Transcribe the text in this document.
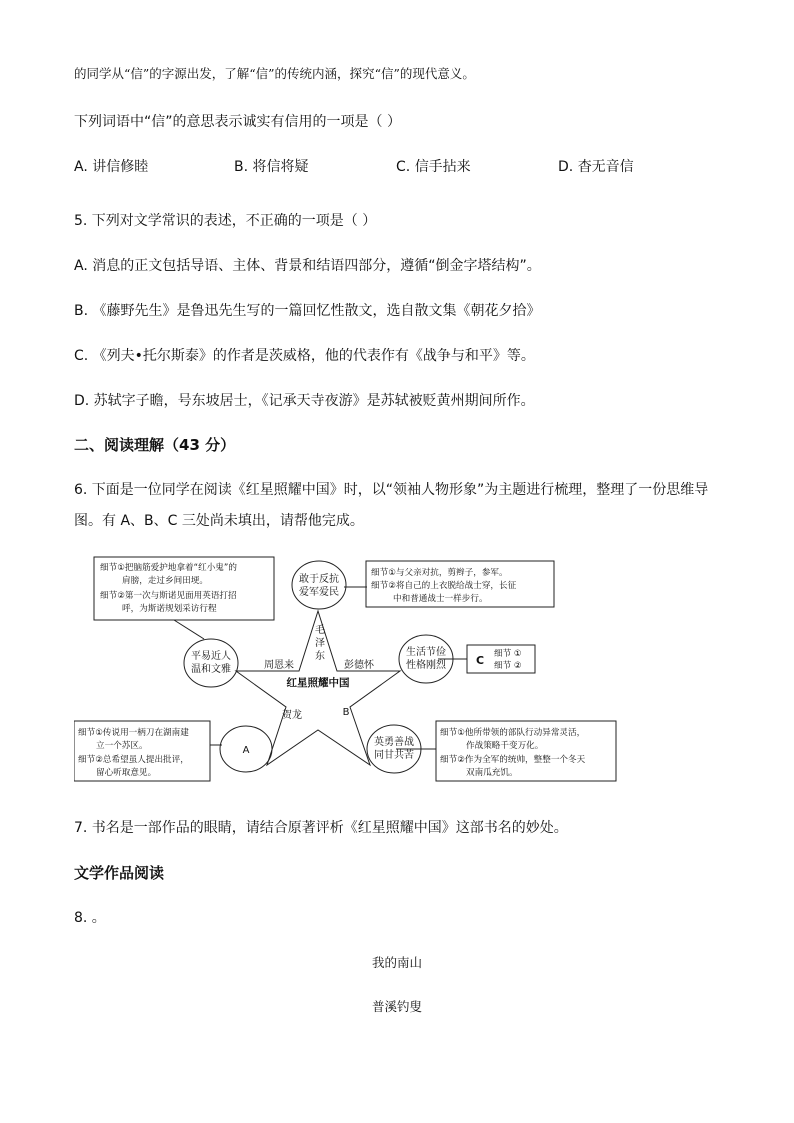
的同学从“信”的字源出发，了解“信”的传统内涵，探究“信”的现代意义。
下列词语中“信”的意思表示诚实有信用的一项是（ ）
A. 讲信修睦	B. 将信将疑	C. 信手拈来	D. 杳无音信
5. 下列对文学常识的表述，不正确的一项是（ ）
A. 消息的正文包括导语、主体、背景和结语四部分，遵循“倒金字塔结构”。
B. 《藤野先生》是鲁迅先生写的一篇回忆性散文，选自散文集《朝花夕拾》
C. 《列夫•托尔斯泰》的作者是茨威格，他的代表作有《战争与和平》等。
D. 苏轼字子瞻，号东坡居士，《记承天寺夜游》是苏轼被贬黄州期间所作。
二、阅读理解（43 分）
6. 下面是一位同学在阅读《红星照耀中国》时，以“领袖人物形象”为主题进行梳理，整理了一份思维导
图。有 A、B、C 三处尚未填出，请帮他完成。
敢于反抗
爱军爱民
平易近人
温和文雅
生活节俭
性格刚烈
A
英勇善战
同甘共苦
毛
泽
东
周恩来	彭德怀
红星照耀中国
贺龙	B
细节①把脑筋爱护地拿着“红小鬼”的
肩膀，走过乡间田埂。
细节②第一次与斯诺见面用英语打招
呼，为斯诺规划采访行程
细节①与父亲对抗，剪辫子，参军。
细节②将自己的上衣脱给战士穿，长征
中和普通战士一样步行。
C 细节 ①
细节 ②
细节①传说用一柄刀在湖南建
立一个苏区。
细节②总希望虽人提出批评，
留心听取意见。
细节①他所带领的部队行动异常灵活，
作战策略千变万化。
细节②作为全军的统帅，整整一个冬天
双南瓜充饥。
7. 书名是一部作品的眼睛，请结合原著评析《红星照耀中国》这部书名的妙处。
文学作品阅读
8. 。
我的南山
普溪钓叟
